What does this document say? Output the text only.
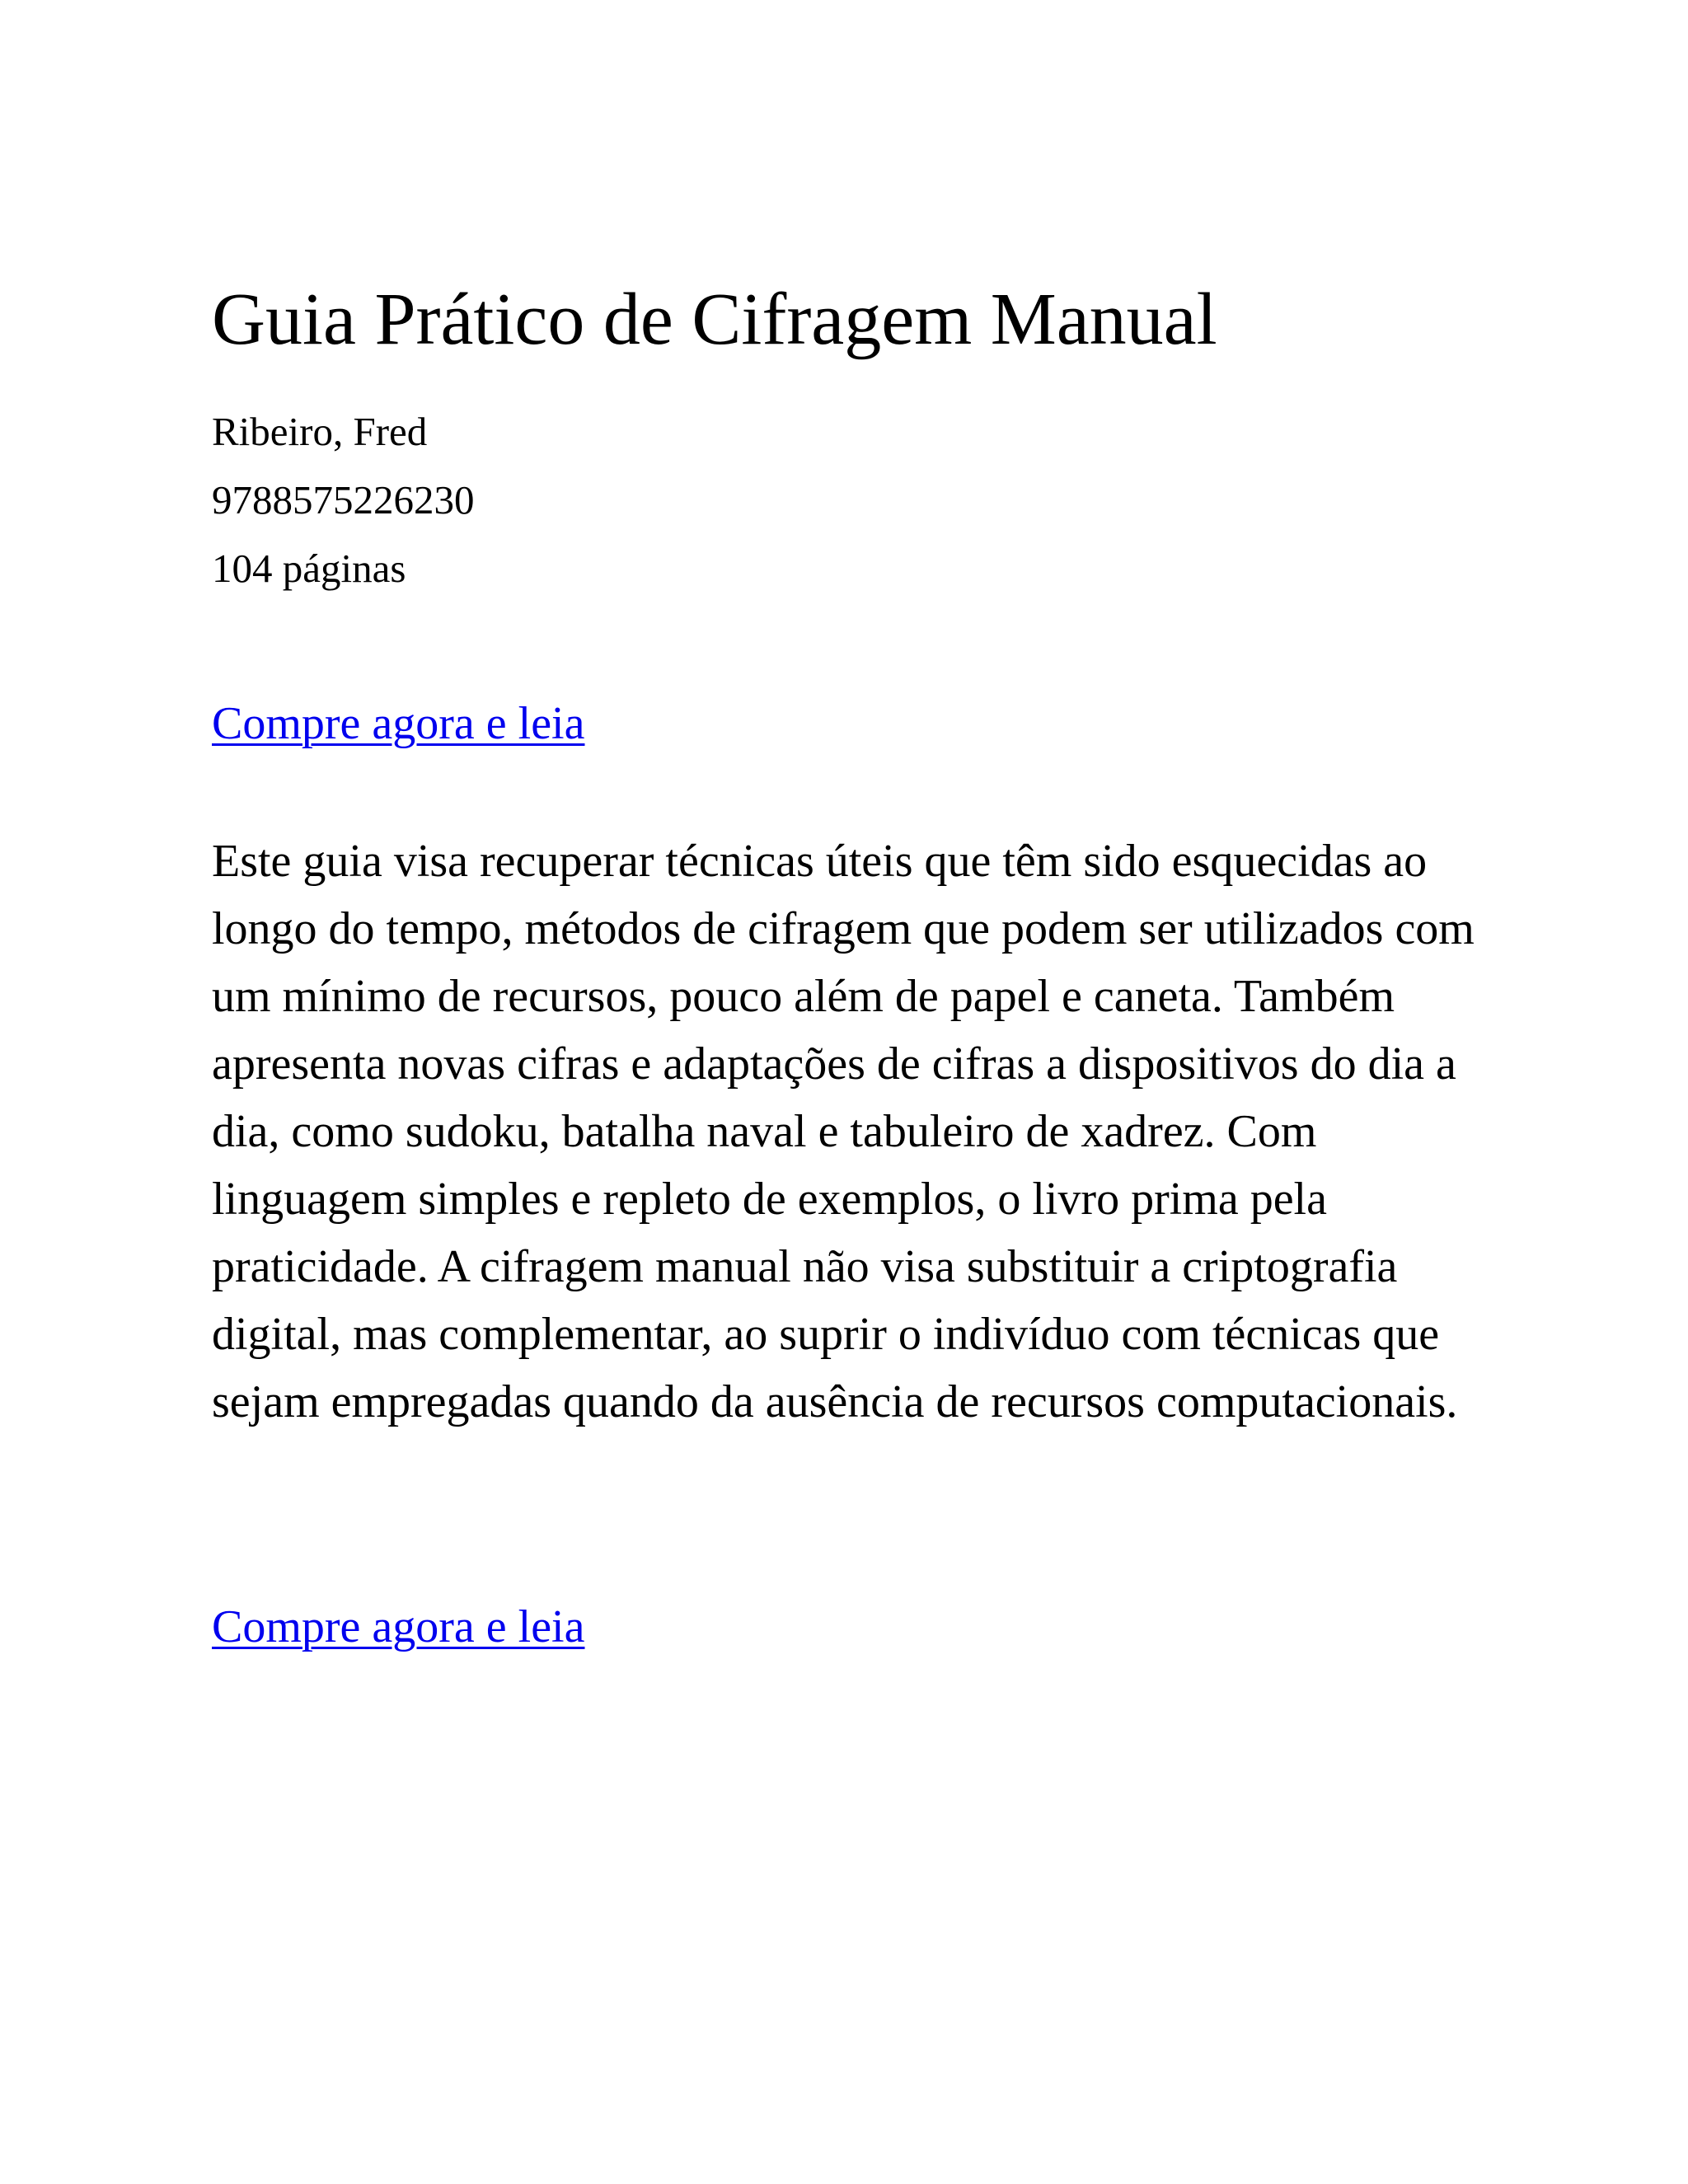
Guia Prático de Cifragem Manual
Ribeiro, Fred
9788575226230
104 páginas
Compre agora e leia

Este guia visa recuperar técnicas úteis que têm sido esquecidas ao longo do tempo, métodos de cifragem que podem ser utilizados com um mínimo de recursos, pouco além de papel e caneta. Também apresenta novas cifras e adaptações de cifras a dispositivos do dia a dia, como sudoku, batalha naval e tabuleiro de xadrez. Com linguagem simples e repleto de exemplos, o livro prima pela praticidade. A cifragem manual não visa substituir a criptografia digital, mas complementar, ao suprir o indivíduo com técnicas que sejam empregadas quando da ausência de recursos computacionais.

Compre agora e leia
